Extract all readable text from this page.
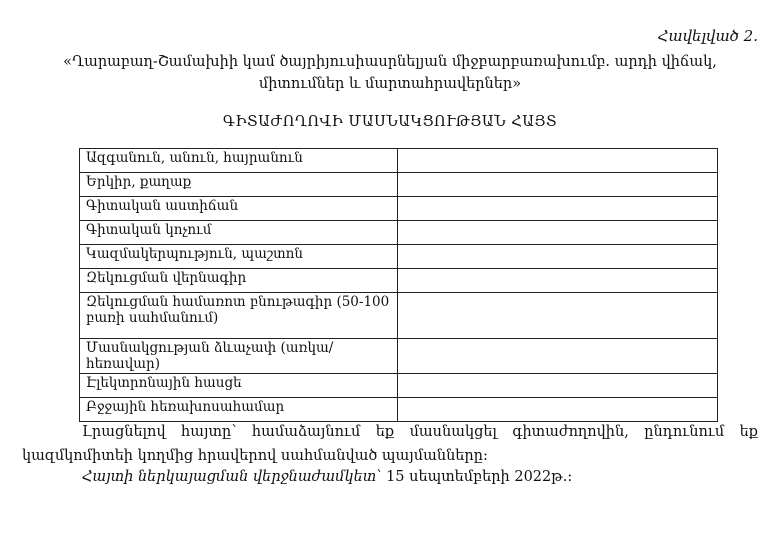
Հավելված 2.
«Ղարաբաղ-Շամախիի կամ ծայրիյուսիասրնելյան միջբարբառախումբ. արդի վիճակ, միտումներ և մարտահրավերներ»
ԳԻՏԱԺՈՂՈՎԻ ՄԱՍՆԱԿՑՈՒԹՅԱՆ ՀԱՅՏ
Ազգանուն, անուն, հայրանուն	
Երկիր, քաղաք	
Գիտական աստիճան	
Գիտական կոչում	
Կազմակերպություն, պաշտոն	
Զեկուցման վերնագիր	
Զեկուցման համառոտ բնութագիր (50-100 բառի սահմանում)	
Մասնակցության ձևաչափ (առկա/հեռավար)	
Էլեկտրոնային հասցե	
Բջջային հեռախոսահամար	
Լրացնելով հայտը՝ համաձայնում եք մասնակցել գիտաժողովին, ընդունում եք կազմկոմիտեի կողմից հրավերով սահմանված պայմանները:
Հայտի ներկայացման վերջնաժամկետ՝ 15 սեպտեմբերի 2022թ.:
